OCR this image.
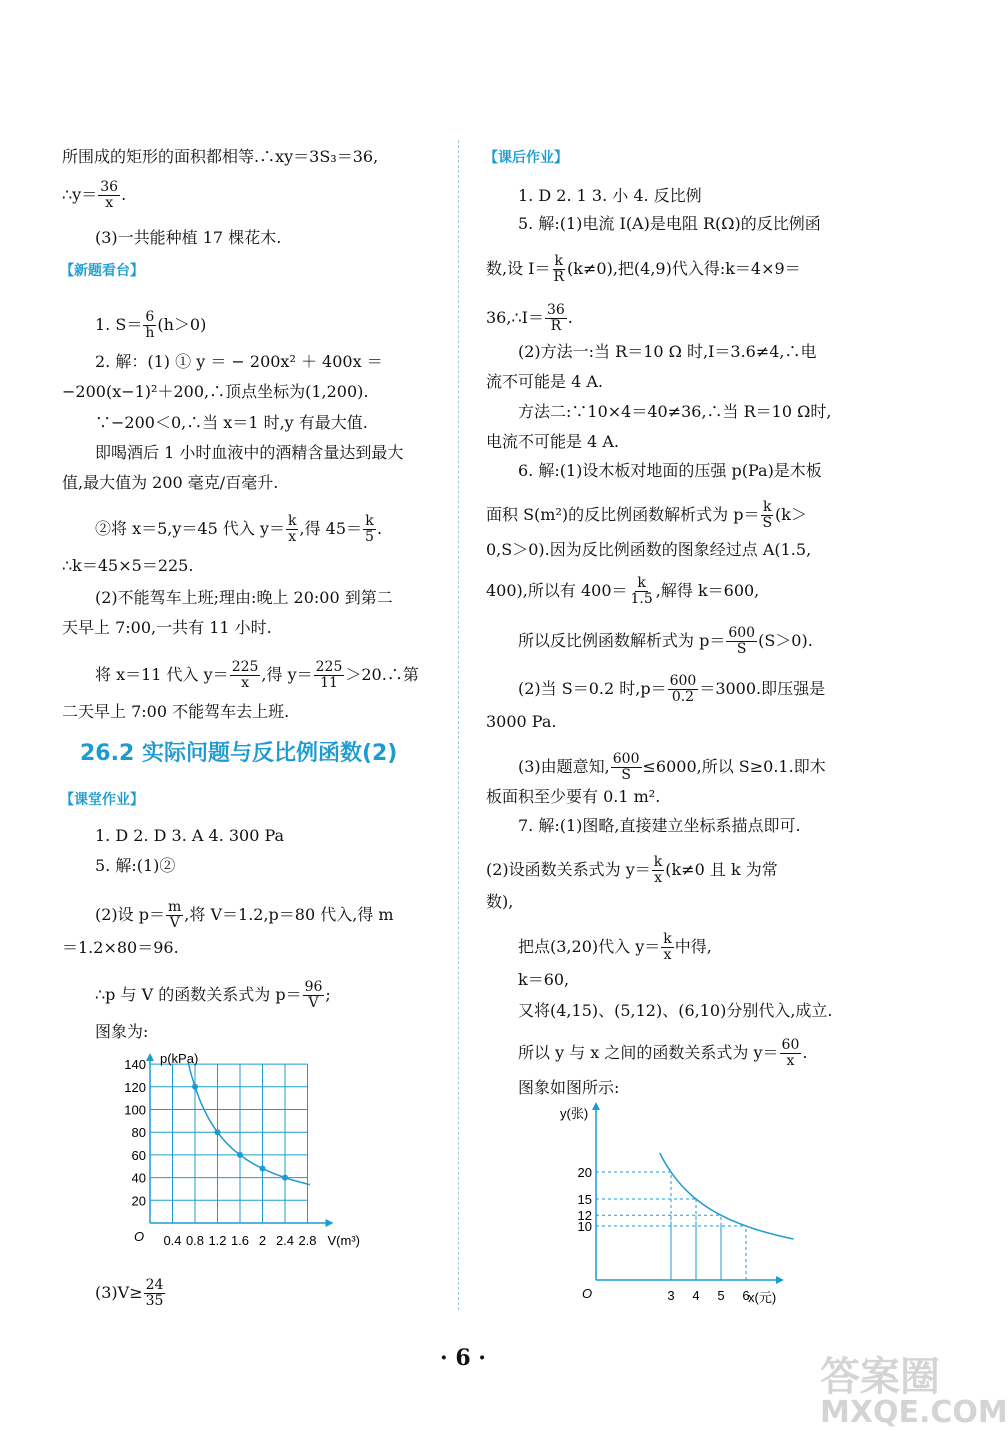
所围成的矩形的面积都相等.∴xy＝3S₃＝36,
∴y＝ $\frac{36}{x}$ .
(3)一共能种植 17 棵花木.
【新题看台】
1. $S= \frac{6}{h} (h>0)$
2. 解：(1) ① y ＝ − 200x² ＋ 400x ＝
−200(x−1)²＋200,∴顶点坐标为(1,200).
∵−200＜0,∴当 x＝1 时,y 有最大值.
即喝酒后 1 小时血液中的酒精含量达到最大
值,最大值为 200 毫克/百毫升.
②将 x＝5,y＝45 代入 $y= \frac{k}{x}$ ,得 $45= \frac{k}{5}$ .
∴k＝45×5＝225.
(2)不能驾车上班;理由:晚上 20:00 到第二
天早上 7:00,一共有 11 小时.
将 x＝11 代入 $y= \frac{225}{x}$ ,得 $y= \frac{225}{11}$ ＞20.∴第
二天早上 7:00 不能驾车去上班.
26.2 实际问题与反比例函数(2)
【课堂作业】
1. D 2. D 3. A 4. 300 Pa
5. 解:(1)②
(2)设 $p= \frac{m}{V}$ ,将 V＝1.2,p＝80 代入,得 m
＝1.2×80＝96.
∴p 与 V 的函数关系式为 $p= \frac{96}{V}$ ;
图象为:
140
120
100
80
60
40
20
0.4 0.8 1.2 1.6 2 2.4 2.8
O
p(kPa)
V(m³)
$(3)V\ge \frac{24}{35}$
【课后作业】
1. D 2. 1 3. 小 4. 反比例
5. 解:(1)电流 I(A)是电阻 R(Ω)的反比例函
数,设 $I= \frac{k}{R} (k\ne 0)$,把(4,9)代入得:k＝4×9＝
36,∴I＝ $\frac{36}{R}$ .
(2)方法一:当 R＝10 Ω 时,I＝3.6≠4,∴电
流不可能是 4 A.
方法二:∵10×4＝40≠36,∴当 R＝10 Ω时,
电流不可能是 4 A.
6. 解:(1)设木板对地面的压强 p(Pa)是木板
面积 S(m²)的反比例函数解析式为 $p= \frac{k}{S} (k>$
0,S＞0).因为反比例函数的图象经过点 A(1.5,
400),所以有 $400= \frac{k}{1.5}$ ,解得 k＝600,
所以反比例函数解析式为 $p= \frac{600}{S} (S>0)$.
(2)当 S＝0.2 时$,p= \frac{600}{0.2} =3000$.即压强是
3000 Pa.
(3)由题意知, $\frac{600}{S} \le 6000$,所以 S≥0.1.即木
板面积至少要有 0.1 m².
7. 解:(1)图略,直接建立坐标系描点即可.
(2)设函数关系式为 $y= \frac{k}{x} (k\ne 0$ 且 k 为常
数),
把点(3,20)代入 $y= \frac{k}{x}$ 中得,
k＝60,
又将(4,15)、(5,12)、(6,10)分别代入,成立.
所以 y 与 x 之间的函数关系式为 $y= \frac{60}{x}$ .
图象如图所示:
20
15
12
10
3 4 5 6
O
y(张)
x(元)
· 6 ·	答案圈
MXQE.COM
